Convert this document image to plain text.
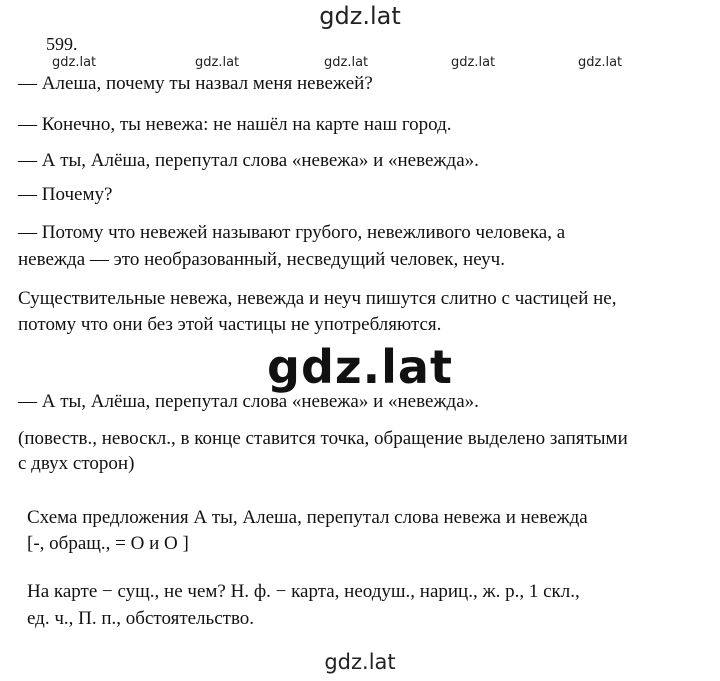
gdz.lat
599.
gdz.lat	gdz.lat	gdz.lat	gdz.lat	gdz.lat
— Алеша, почему ты назвал меня невежей?
— Конечно, ты невежа: не нашёл на карте наш город.
— А ты, Алёша, перепутал слова «невежа» и «невежда».
— Почему?
— Потому что невежей называют грубого, невежливого человека, а
невежда — это необразованный, несведущий человек, неуч.
Существительные невежа, невежда и неуч пишутся слитно с частицей не,
потому что они без этой частицы не употребляются.
gdz.lat
— А ты, Алёша, перепутал слова «невежа» и «невежда».
(повеств., невоскл., в конце ставится точка, обращение выделено запятыми
с двух сторон)
Схема предложения А ты, Алеша, перепутал слова невежа и невежда
[-, обращ., = О и О ]
На карте − сущ., не чем? Н. ф. − карта, неодуш., нариц., ж. р., 1 скл.,
ед. ч., П. п., обстоятельство.
gdz.lat
